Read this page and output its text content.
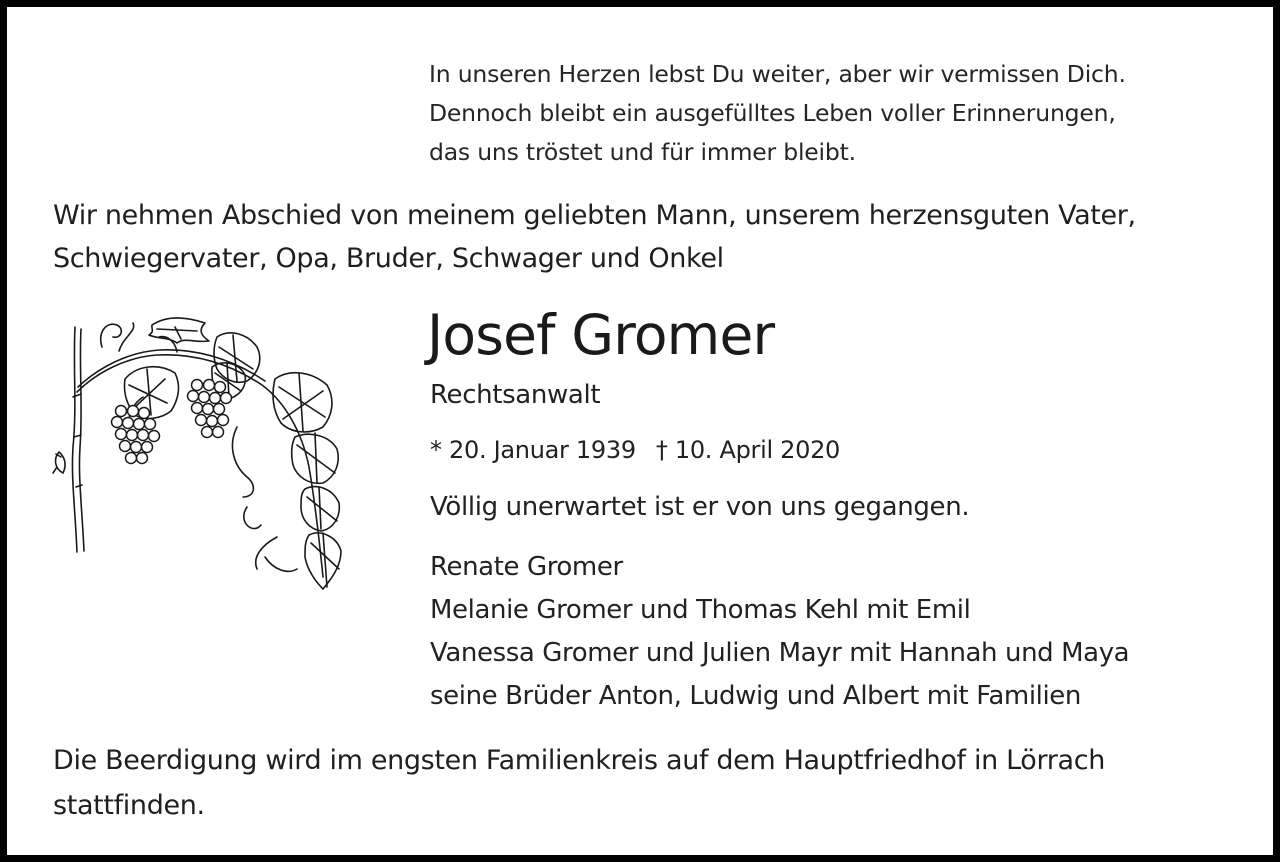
In unseren Herzen lebst Du weiter, aber wir vermissen Dich.
Dennoch bleibt ein ausgefülltes Leben voller Erinnerungen,
das uns tröstet und für immer bleibt.
Wir nehmen Abschied von meinem geliebten Mann, unserem herzensguten Vater,
Schwiegervater, Opa, Bruder, Schwager und Onkel
Josef Gromer
Rechtsanwalt
* 20. Januar 1939 † 10. April 2020
Völlig unerwartet ist er von uns gegangen.
Renate Gromer
Melanie Gromer und Thomas Kehl mit Emil
Vanessa Gromer und Julien Mayr mit Hannah und Maya
seine Brüder Anton, Ludwig und Albert mit Familien
Die Beerdigung wird im engsten Familienkreis auf dem Hauptfriedhof in Lörrach
stattfinden.
